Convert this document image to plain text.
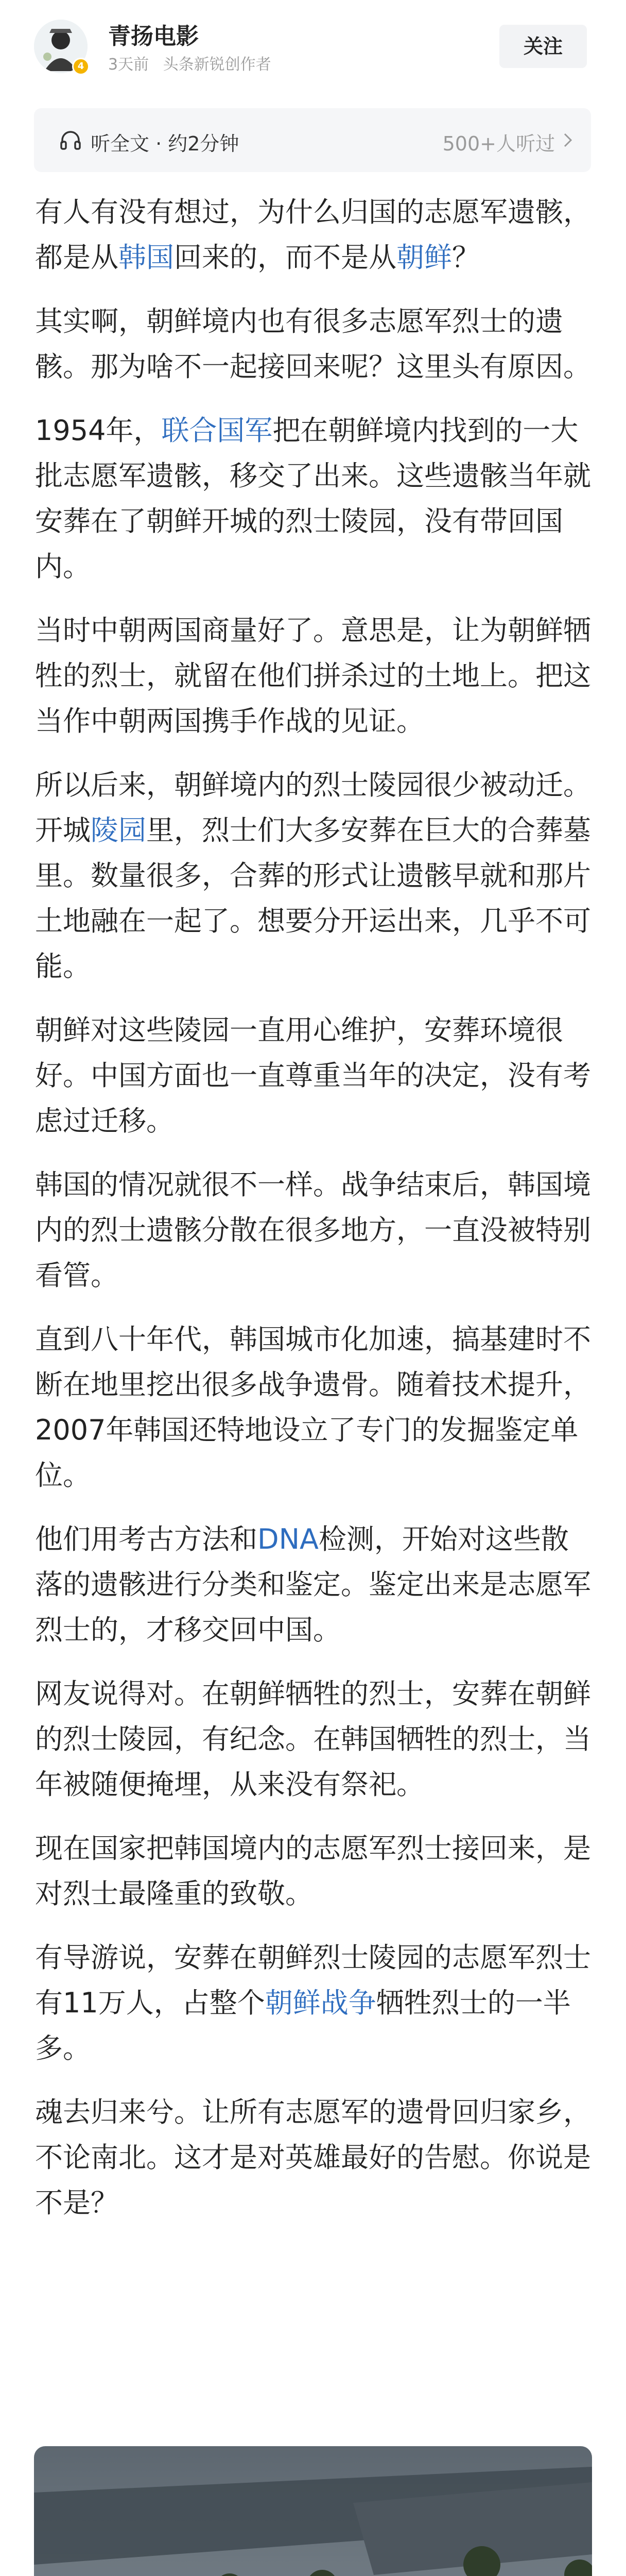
4
青扬电影
3天前 头条新锐创作者
关注
听全文 · 约2分钟	500+人听过

有人有没有想过，为什么归国的志愿军遗骸，都是从韩国回来的，而不是从朝鲜？

其实啊，朝鲜境内也有很多志愿军烈士的遗骸。那为啥不一起接回来呢？这里头有原因。

1954年，联合国军把在朝鲜境内找到的一大批志愿军遗骸，移交了出来。这些遗骸当年就安葬在了朝鲜开城的烈士陵园，没有带回国内。

当时中朝两国商量好了。意思是，让为朝鲜牺牲的烈士，就留在他们拼杀过的土地上。把这当作中朝两国携手作战的见证。

所以后来，朝鲜境内的烈士陵园很少被动迁。开城陵园里，烈士们大多安葬在巨大的合葬墓里。数量很多，合葬的形式让遗骸早就和那片土地融在一起了。想要分开运出来，几乎不可能。

朝鲜对这些陵园一直用心维护，安葬环境很好。中国方面也一直尊重当年的决定，没有考虑过迁移。

韩国的情况就很不一样。战争结束后，韩国境内的烈士遗骸分散在很多地方，一直没被特别看管。

直到八十年代，韩国城市化加速，搞基建时不断在地里挖出很多战争遗骨。随着技术提升，2007年韩国还特地设立了专门的发掘鉴定单位。

他们用考古方法和DNA检测，开始对这些散落的遗骸进行分类和鉴定。鉴定出来是志愿军烈士的，才移交回中国。

网友说得对。在朝鲜牺牲的烈士，安葬在朝鲜的烈士陵园，有纪念。在韩国牺牲的烈士，当年被随便掩埋，从来没有祭祀。

现在国家把韩国境内的志愿军烈士接回来，是对烈士最隆重的致敬。

有导游说，安葬在朝鲜烈士陵园的志愿军烈士有11万人，占整个朝鲜战争牺牲烈士的一半多。

魂去归来兮。让所有志愿军的遗骨回归家乡，不论南北。这才是对英雄最好的告慰。你说是不是？
